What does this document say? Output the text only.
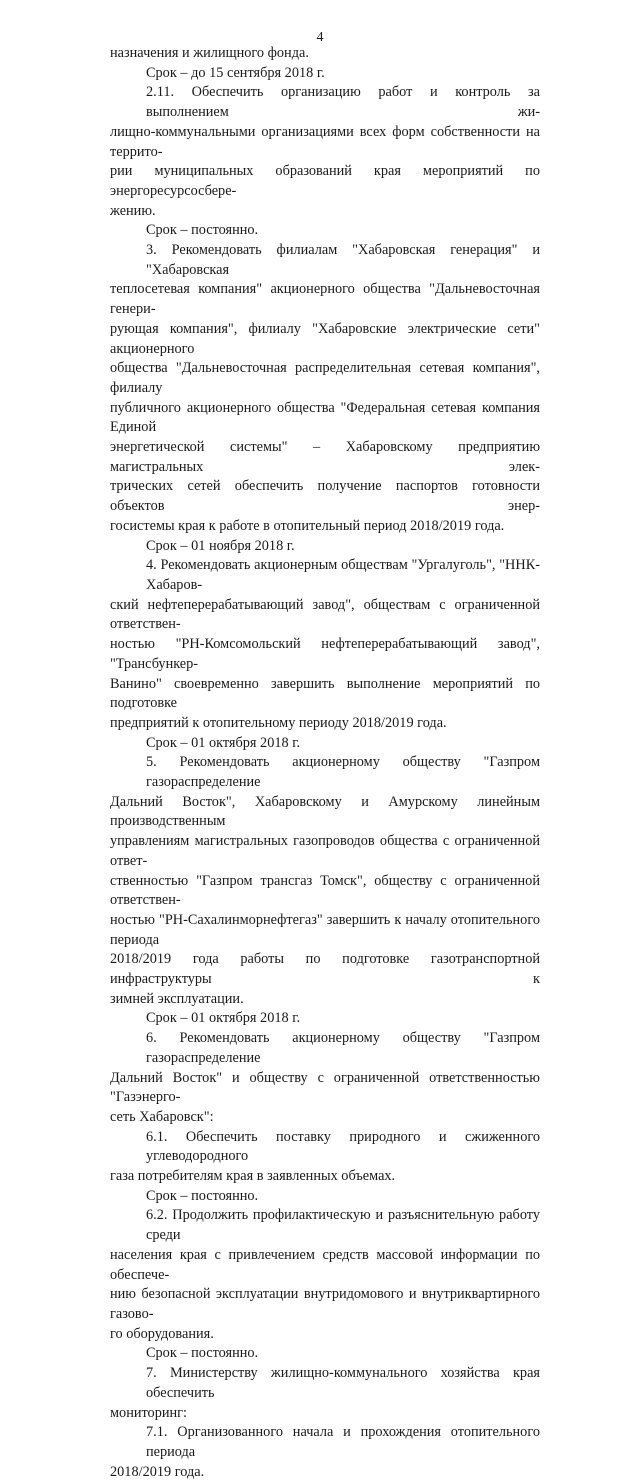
4
назначения и жилищного фонда.
Срок – до 15 сентября 2018 г.
2.11. Обеспечить организацию работ и контроль за выполнением жи-
лищно-коммунальными организациями всех форм собственности на террито-
рии муниципальных образований края мероприятий по энергоресурсосбере-
жению.
Срок – постоянно.
3. Рекомендовать филиалам "Хабаровская генерация" и "Хабаровская
теплосетевая компания" акционерного общества "Дальневосточная генери-
рующая компания", филиалу "Хабаровские электрические сети" акционерного
общества "Дальневосточная распределительная сетевая компания", филиалу
публичного акционерного общества "Федеральная сетевая компания Единой
энергетической системы" – Хабаровскому предприятию магистральных элек-
трических сетей обеспечить получение паспортов готовности объектов энер-
госистемы края к работе в отопительный период 2018/2019 года.
Срок – 01 ноября 2018 г.
4. Рекомендовать акционерным обществам "Ургалуголь", "ННК-Хабаров-
ский нефтеперерабатывающий завод", обществам с ограниченной ответствен-
ностью "РН-Комсомольский нефтеперерабатывающий завод", "Трансбункер-
Ванино" своевременно завершить выполнение мероприятий по подготовке
предприятий к отопительному периоду 2018/2019 года.
Срок – 01 октября 2018 г.
5. Рекомендовать акционерному обществу "Газпром газораспределение
Дальний Восток", Хабаровскому и Амурскому линейным производственным
управлениям магистральных газопроводов общества с ограниченной ответ-
ственностью "Газпром трансгаз Томск", обществу с ограниченной ответствен-
ностью "РН-Сахалинморнефтегаз" завершить к началу отопительного периода
2018/2019 года работы по подготовке газотранспортной инфраструктуры к
зимней эксплуатации.
Срок – 01 октября 2018 г.
6. Рекомендовать акционерному обществу "Газпром газораспределение
Дальний Восток" и обществу с ограниченной ответственностью "Газэнерго-
сеть Хабаровск":
6.1. Обеспечить поставку природного и сжиженного углеводородного
газа потребителям края в заявленных объемах.
Срок – постоянно.
6.2. Продолжить профилактическую и разъяснительную работу среди
населения края с привлечением средств массовой информации по обеспече-
нию безопасной эксплуатации внутридомового и внутриквартирного газово-
го оборудования.
Срок – постоянно.
7. Министерству жилищно-коммунального хозяйства края обеспечить
мониторинг:
7.1. Организованного начала и прохождения отопительного периода
2018/2019 года.
